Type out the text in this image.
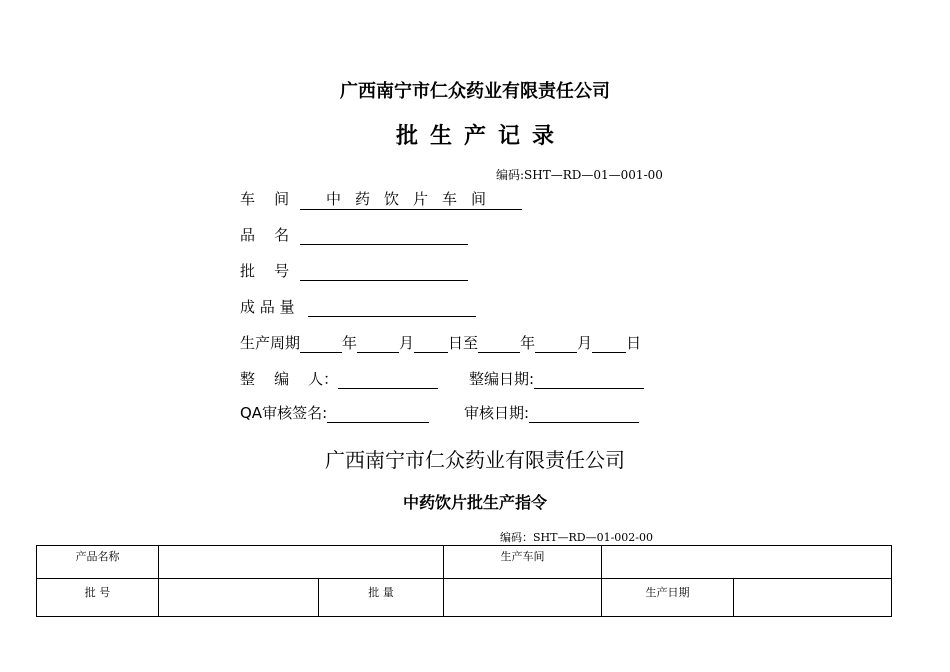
广西南宁市仁众药业有限责任公司
批生产记录
编码:SHT—RD—01—001-00
车    间 中药饮片车间
品    名
批    号
成 品 量
生产周期	年	月 日至	年	月 日
整    编    人：	整编日期:
QA审核签名:	审核日期:
广西南宁市仁众药业有限责任公司
中药饮片批生产指令
编码：SHT—RD—01-002-00
产品名称			生产车间		
批 号		批 量		生产日期	
